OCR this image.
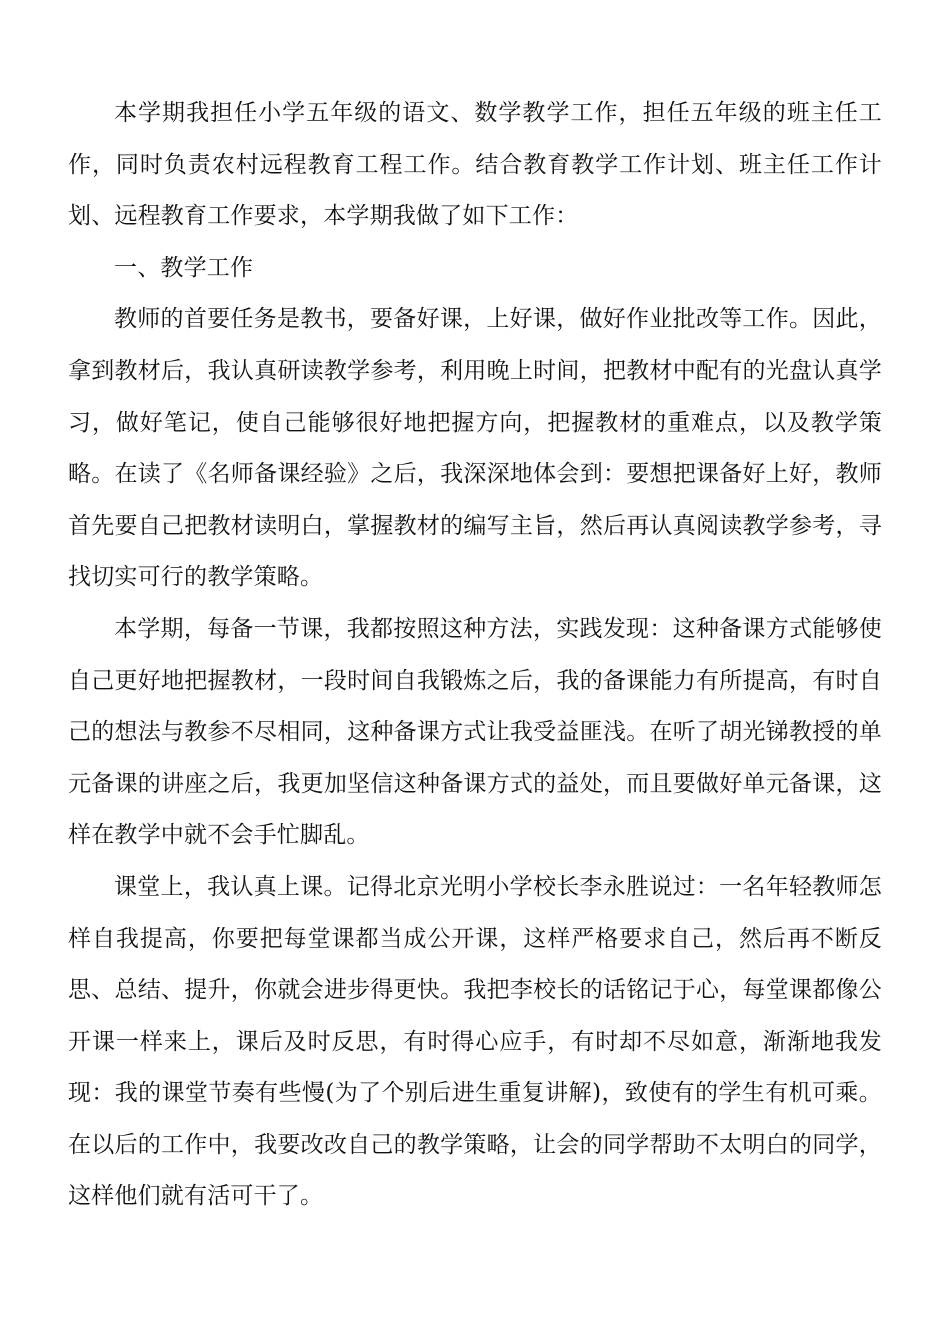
本学期我担任小学五年级的语文、数学教学工作，担任五年级的班主任工作，同时负责农村远程教育工程工作。结合教育教学工作计划、班主任工作计划、远程教育工作要求，本学期我做了如下工作：

一、教学工作

教师的首要任务是教书，要备好课，上好课，做好作业批改等工作。因此，拿到教材后，我认真研读教学参考，利用晚上时间，把教材中配有的光盘认真学习，做好笔记，使自己能够很好地把握方向，把握教材的重难点，以及教学策略。在读了《名师备课经验》之后，我深深地体会到：要想把课备好上好，教师首先要自己把教材读明白，掌握教材的编写主旨，然后再认真阅读教学参考，寻找切实可行的教学策略。

本学期，每备一节课，我都按照这种方法，实践发现：这种备课方式能够使自己更好地把握教材，一段时间自我锻炼之后，我的备课能力有所提高，有时自己的想法与教参不尽相同，这种备课方式让我受益匪浅。在听了胡光锑教授的单元备课的讲座之后，我更加坚信这种备课方式的益处，而且要做好单元备课，这样在教学中就不会手忙脚乱。

课堂上，我认真上课。记得北京光明小学校长李永胜说过：一名年轻教师怎样自我提高，你要把每堂课都当成公开课，这样严格要求自己，然后再不断反思、总结、提升，你就会进步得更快。我把李校长的话铭记于心，每堂课都像公开课一样来上，课后及时反思，有时得心应手，有时却不尽如意，渐渐地我发现：我的课堂节奏有些慢(为了个别后进生重复讲解)，致使有的学生有机可乘。在以后的工作中，我要改改自己的教学策略，让会的同学帮助不太明白的同学，这样他们就有活可干了。
